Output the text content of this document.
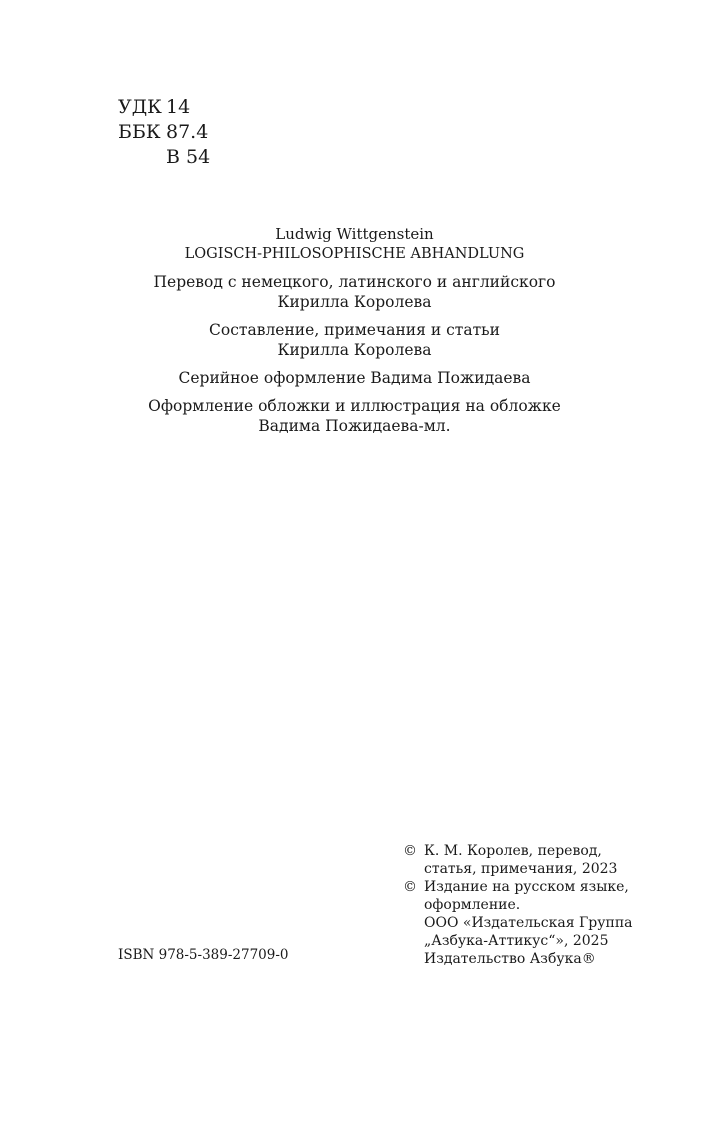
УДК 14
ББК 87.4
В 54
Ludwig Wittgenstein
LOGISCH-PHILOSOPHISCHE ABHANDLUNG
Перевод с немецкого, латинского и английского
Кирилла Королева
Составление, примечания и статьи
Кирилла Королева
Серийное оформление Вадима Пожидаева
Оформление обложки и иллюстрация на обложке
Вадима Пожидаева-мл.
© К. М. Королев, перевод,
статья, примечания, 2023
© Издание на русском языке,
оформление.
ООО «Издательская Группа
„Азбука-Аттикус“», 2025
Издательство Азбука®
ISBN 978-5-389-27709-0
